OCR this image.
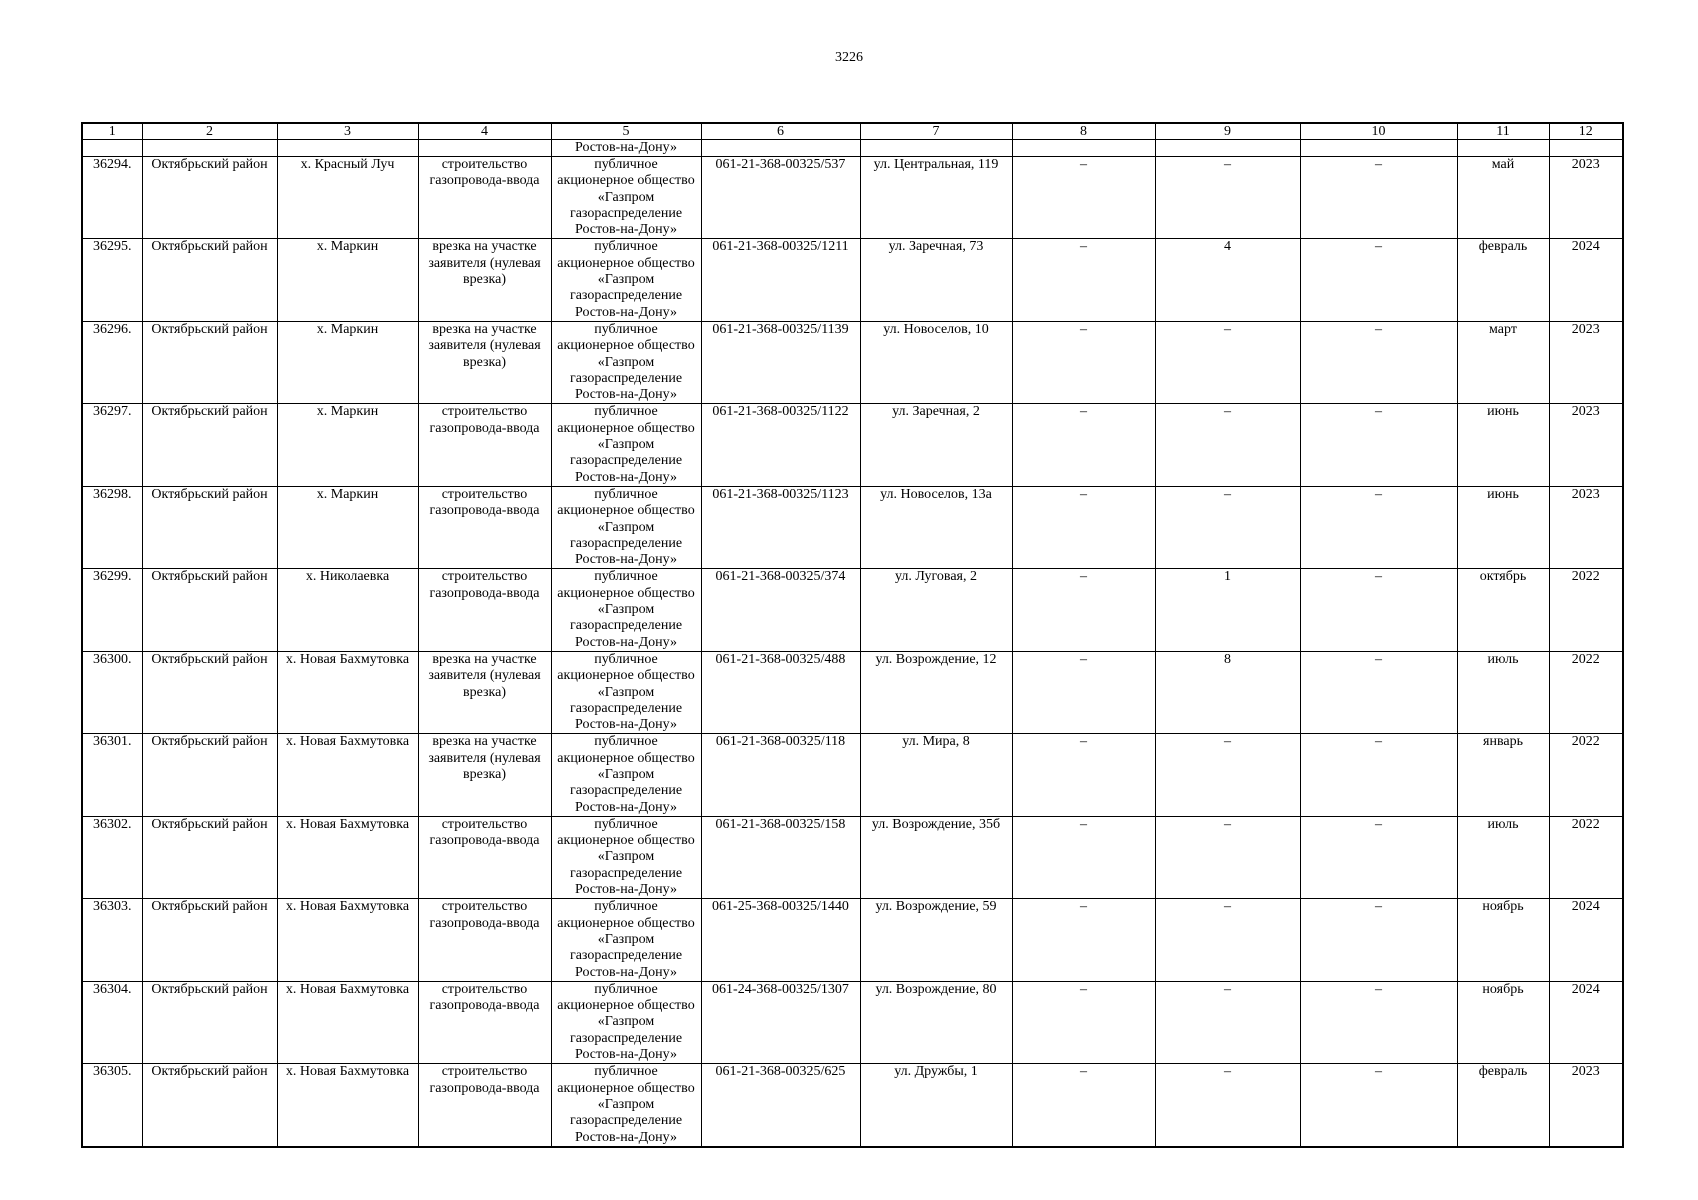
3226
1	2	3	4	5	6	7	8	9	10	11	12
				Ростов-на-Дону»							
36294.	Октябрьский район	х. Красный Луч	строительство газопровода-ввода	публичное акционерное общество «Газпром газораспределение Ростов-на-Дону»	061-21-368-00325/537	ул. Центральная, 119	–	–	–	май	2023
36295.	Октябрьский район	х. Маркин	врезка на участке заявителя (нулевая врезка)	публичное акционерное общество «Газпром газораспределение Ростов-на-Дону»	061-21-368-00325/1211	ул. Заречная, 73	–	4	–	февраль	2024
36296.	Октябрьский район	х. Маркин	врезка на участке заявителя (нулевая врезка)	публичное акционерное общество «Газпром газораспределение Ростов-на-Дону»	061-21-368-00325/1139	ул. Новоселов, 10	–	–	–	март	2023
36297.	Октябрьский район	х. Маркин	строительство газопровода-ввода	публичное акционерное общество «Газпром газораспределение Ростов-на-Дону»	061-21-368-00325/1122	ул. Заречная, 2	–	–	–	июнь	2023
36298.	Октябрьский район	х. Маркин	строительство газопровода-ввода	публичное акционерное общество «Газпром газораспределение Ростов-на-Дону»	061-21-368-00325/1123	ул. Новоселов, 13а	–	–	–	июнь	2023
36299.	Октябрьский район	х. Николаевка	строительство газопровода-ввода	публичное акционерное общество «Газпром газораспределение Ростов-на-Дону»	061-21-368-00325/374	ул. Луговая, 2	–	1	–	октябрь	2022
36300.	Октябрьский район	х. Новая Бахмутовка	врезка на участке заявителя (нулевая врезка)	публичное акционерное общество «Газпром газораспределение Ростов-на-Дону»	061-21-368-00325/488	ул. Возрождение, 12	–	8	–	июль	2022
36301.	Октябрьский район	х. Новая Бахмутовка	врезка на участке заявителя (нулевая врезка)	публичное акционерное общество «Газпром газораспределение Ростов-на-Дону»	061-21-368-00325/118	ул. Мира, 8	–	–	–	январь	2022
36302.	Октябрьский район	х. Новая Бахмутовка	строительство газопровода-ввода	публичное акционерное общество «Газпром газораспределение Ростов-на-Дону»	061-21-368-00325/158	ул. Возрождение, 35б	–	–	–	июль	2022
36303.	Октябрьский район	х. Новая Бахмутовка	строительство газопровода-ввода	публичное акционерное общество «Газпром газораспределение Ростов-на-Дону»	061-25-368-00325/1440	ул. Возрождение, 59	–	–	–	ноябрь	2024
36304.	Октябрьский район	х. Новая Бахмутовка	строительство газопровода-ввода	публичное акционерное общество «Газпром газораспределение Ростов-на-Дону»	061-24-368-00325/1307	ул. Возрождение, 80	–	–	–	ноябрь	2024
36305.	Октябрьский район	х. Новая Бахмутовка	строительство газопровода-ввода	публичное акционерное общество «Газпром газораспределение Ростов-на-Дону»	061-21-368-00325/625	ул. Дружбы, 1	–	–	–	февраль	2023
